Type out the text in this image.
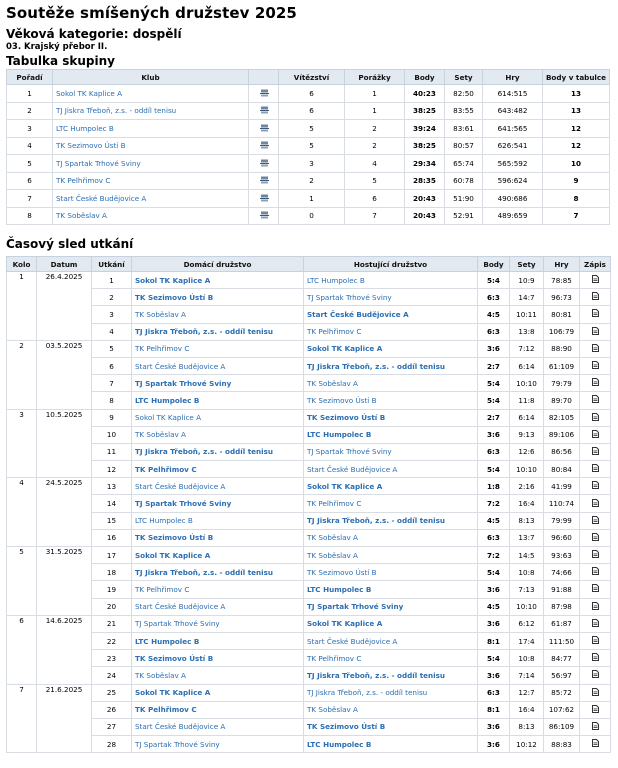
Soutěže smíšených družstev 2025
Věková kategorie: dospělí
03. Krajský přebor II.
Tabulka skupiny
Pořadí	Klub		Vítězství	Porážky	Body	Sety	Hry	Body v tabulce
1	Sokol TK Kaplice A		6	1	40:23	82:50	614:515	13
2	TJ Jiskra Třeboň, z.s. - oddíl tenisu		6	1	38:25	83:55	643:482	13
3	LTC Humpolec B		5	2	39:24	83:61	641:565	12
4	TK Sezimovo Ústí B		5	2	38:25	80:57	626:541	12
5	TJ Spartak Trhové Sviny		3	4	29:34	65:74	565:592	10
6	TK Pelhřimov C		2	5	28:35	60:78	596:624	9
7	Start České Budějovice A		1	6	20:43	51:90	490:686	8
8	TK Soběslav A		0	7	20:43	52:91	489:659	7
Časový sled utkání
Kolo	Datum	Utkání	Domácí družstvo	Hostující družstvo	Body	Sety	Hry	Zápis
1	26.4.2025	1	Sokol TK Kaplice A	LTC Humpolec B	5:4	10:9	78:85	
		2	TK Sezimovo Ústí B	TJ Spartak Trhové Sviny	6:3	14:7	96:73	
		3	TK Soběslav A	Start České Budějovice A	4:5	10:11	80:81	
		4	TJ Jiskra Třeboň, z.s. - oddíl tenisu	TK Pelhřimov C	6:3	13:8	106:79	
2	03.5.2025	5	TK Pelhřimov C	Sokol TK Kaplice A	3:6	7:12	88:90	
		6	Start České Budějovice A	TJ Jiskra Třeboň, z.s. - oddíl tenisu	2:7	6:14	61:109	
		7	TJ Spartak Trhové Sviny	TK Soběslav A	5:4	10:10	79:79	
		8	LTC Humpolec B	TK Sezimovo Ústí B	5:4	11:8	89:70	
3	10.5.2025	9	Sokol TK Kaplice A	TK Sezimovo Ústí B	2:7	6:14	82:105	
		10	TK Soběslav A	LTC Humpolec B	3:6	9:13	89:106	
		11	TJ Jiskra Třeboň, z.s. - oddíl tenisu	TJ Spartak Trhové Sviny	6:3	12:6	86:56	
		12	TK Pelhřimov C	Start České Budějovice A	5:4	10:10	80:84	
4	24.5.2025	13	Start České Budějovice A	Sokol TK Kaplice A	1:8	2:16	41:99	
		14	TJ Spartak Trhové Sviny	TK Pelhřimov C	7:2	16:4	110:74	
		15	LTC Humpolec B	TJ Jiskra Třeboň, z.s. - oddíl tenisu	4:5	8:13	79:99	
		16	TK Sezimovo Ústí B	TK Soběslav A	6:3	13:7	96:60	
5	31.5.2025	17	Sokol TK Kaplice A	TK Soběslav A	7:2	14:5	93:63	
		18	TJ Jiskra Třeboň, z.s. - oddíl tenisu	TK Sezimovo Ústí B	5:4	10:8	74:66	
		19	TK Pelhřimov C	LTC Humpolec B	3:6	7:13	91:88	
		20	Start České Budějovice A	TJ Spartak Trhové Sviny	4:5	10:10	87:98	
6	14.6.2025	21	TJ Spartak Trhové Sviny	Sokol TK Kaplice A	3:6	6:12	61:87	
		22	LTC Humpolec B	Start České Budějovice A	8:1	17:4	111:50	
		23	TK Sezimovo Ústí B	TK Pelhřimov C	5:4	10:8	84:77	
		24	TK Soběslav A	TJ Jiskra Třeboň, z.s. - oddíl tenisu	3:6	7:14	56:97	
7	21.6.2025	25	Sokol TK Kaplice A	TJ Jiskra Třeboň, z.s. - oddíl tenisu	6:3	12:7	85:72	
		26	TK Pelhřimov C	TK Soběslav A	8:1	16:4	107:62	
		27	Start České Budějovice A	TK Sezimovo Ústí B	3:6	8:13	86:109	
		28	TJ Spartak Trhové Sviny	LTC Humpolec B	3:6	10:12	88:83	
